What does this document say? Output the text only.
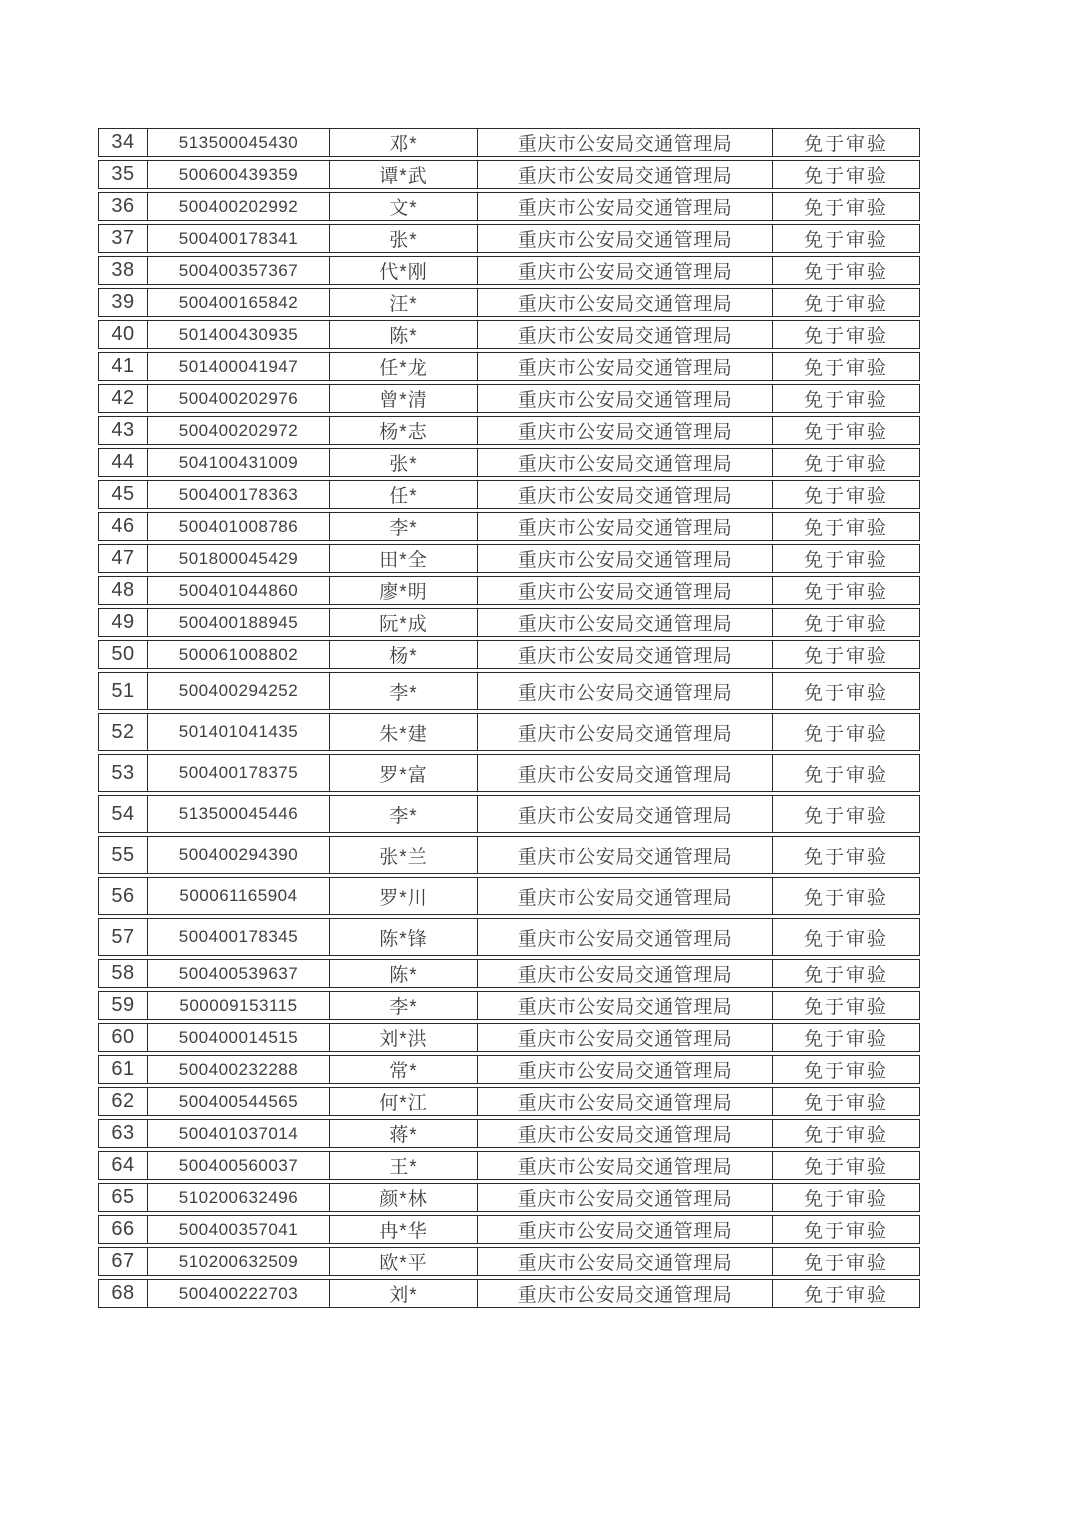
34	513500045430	邓*	重庆市公安局交通管理局	免于审验
35	500600439359	谭*武	重庆市公安局交通管理局	免于审验
36	500400202992	文*	重庆市公安局交通管理局	免于审验
37	500400178341	张*	重庆市公安局交通管理局	免于审验
38	500400357367	代*刚	重庆市公安局交通管理局	免于审验
39	500400165842	汪*	重庆市公安局交通管理局	免于审验
40	501400430935	陈*	重庆市公安局交通管理局	免于审验
41	501400041947	任*龙	重庆市公安局交通管理局	免于审验
42	500400202976	曾*清	重庆市公安局交通管理局	免于审验
43	500400202972	杨*志	重庆市公安局交通管理局	免于审验
44	504100431009	张*	重庆市公安局交通管理局	免于审验
45	500400178363	任*	重庆市公安局交通管理局	免于审验
46	500401008786	李*	重庆市公安局交通管理局	免于审验
47	501800045429	田*全	重庆市公安局交通管理局	免于审验
48	500401044860	廖*明	重庆市公安局交通管理局	免于审验
49	500400188945	阮*成	重庆市公安局交通管理局	免于审验
50	500061008802	杨*	重庆市公安局交通管理局	免于审验
51	500400294252	李*	重庆市公安局交通管理局	免于审验
52	501401041435	朱*建	重庆市公安局交通管理局	免于审验
53	500400178375	罗*富	重庆市公安局交通管理局	免于审验
54	513500045446	李*	重庆市公安局交通管理局	免于审验
55	500400294390	张*兰	重庆市公安局交通管理局	免于审验
56	500061165904	罗*川	重庆市公安局交通管理局	免于审验
57	500400178345	陈*锋	重庆市公安局交通管理局	免于审验
58	500400539637	陈*	重庆市公安局交通管理局	免于审验
59	500009153115	李*	重庆市公安局交通管理局	免于审验
60	500400014515	刘*洪	重庆市公安局交通管理局	免于审验
61	500400232288	常*	重庆市公安局交通管理局	免于审验
62	500400544565	何*江	重庆市公安局交通管理局	免于审验
63	500401037014	蒋*	重庆市公安局交通管理局	免于审验
64	500400560037	王*	重庆市公安局交通管理局	免于审验
65	510200632496	颜*林	重庆市公安局交通管理局	免于审验
66	500400357041	冉*华	重庆市公安局交通管理局	免于审验
67	510200632509	欧*平	重庆市公安局交通管理局	免于审验
68	500400222703	刘*	重庆市公安局交通管理局	免于审验
